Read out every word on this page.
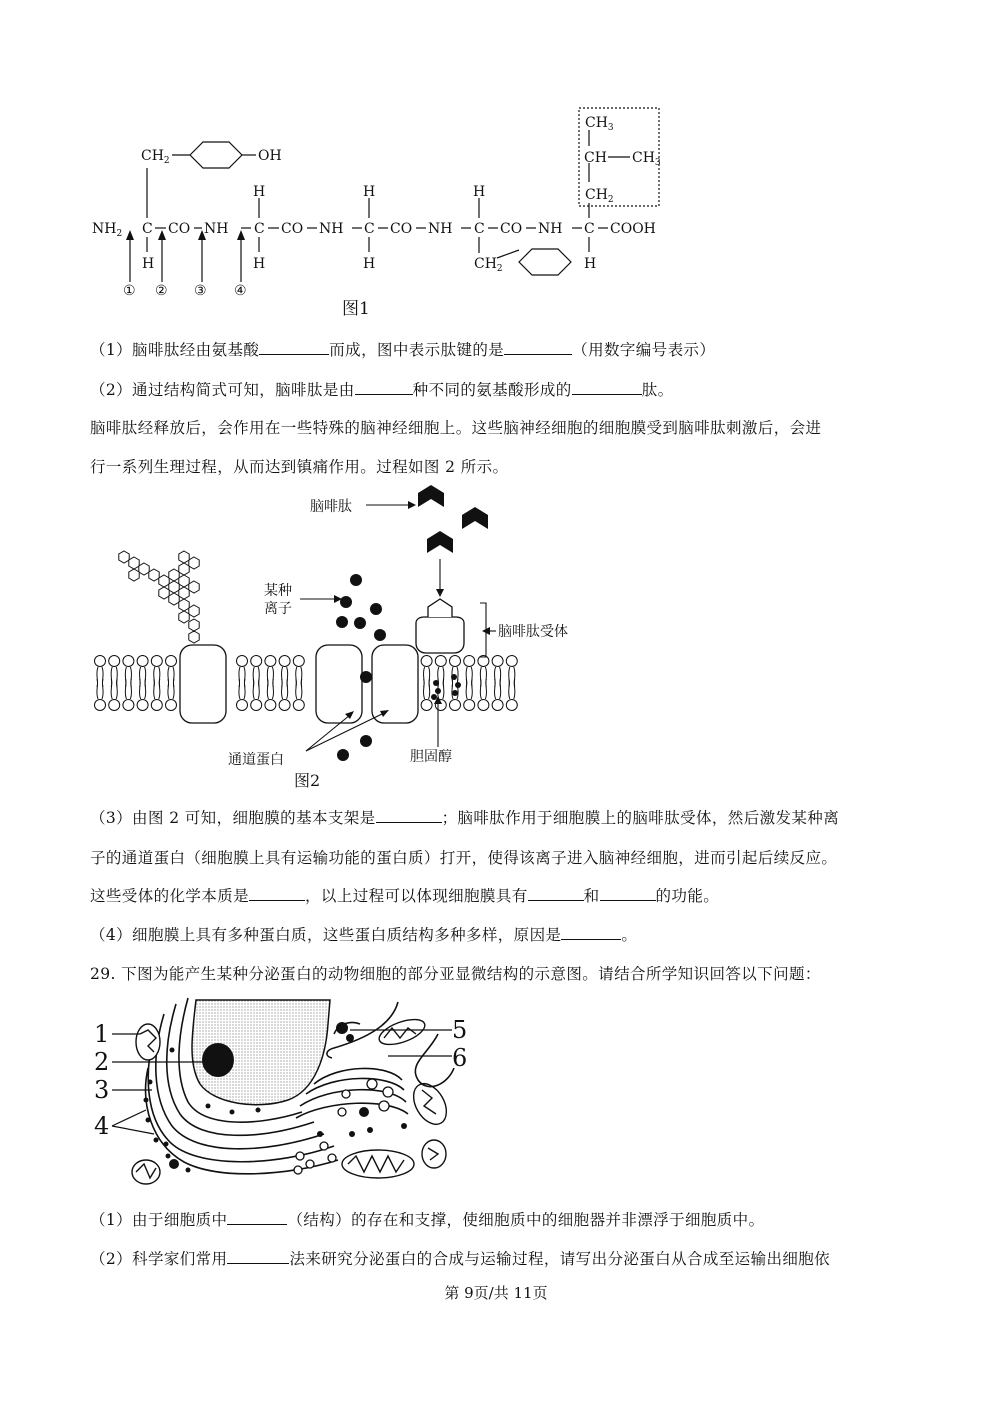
$CH_2$	OH
$NH_2$ C CO NH C CO NH C CO NH C CO NH C COOH
H
H
H
H
H
H
H
$CH_2$
$CH_3$
CH $CH_3$
$CH_2$
① ② ③ ④
图1
（1）脑啡肽经由氨基酸	而成，图中表示肽键的是	（用数字编号表示）
（2）通过结构简式可知，脑啡肽是由	种不同的氨基酸形成的	肽。
脑啡肽经释放后，会作用在一些特殊的脑神经细胞上。这些脑神经细胞的细胞膜受到脑啡肽刺激后，会进
行一系列生理过程，从而达到镇痛作用。过程如图 2 所示。
脑啡肽
某种
离子
脑啡肽受体
通道蛋白	胆固醇
图2
（3）由图 2 可知，细胞膜的基本支架是	；脑啡肽作用于细胞膜上的脑啡肽受体，然后激发某种离
子的通道蛋白（细胞膜上具有运输功能的蛋白质）打开，使得该离子进入脑神经细胞，进而引起后续反应。
这些受体的化学本质是	，以上过程可以体现细胞膜具有	和	的功能。
（4）细胞膜上具有多种蛋白质，这些蛋白质结构多种多样，原因是	。
29. 下图为能产生某种分泌蛋白的动物细胞的部分亚显微结构的示意图。请结合所学知识回答以下问题：
1
2
3
4
5
6
（1）由于细胞质中	（结构）的存在和支撑，使细胞质中的细胞器并非漂浮于细胞质中。
（2）科学家们常用	法来研究分泌蛋白的合成与运输过程，请写出分泌蛋白从合成至运输出细胞依
第 9页/共 11页
